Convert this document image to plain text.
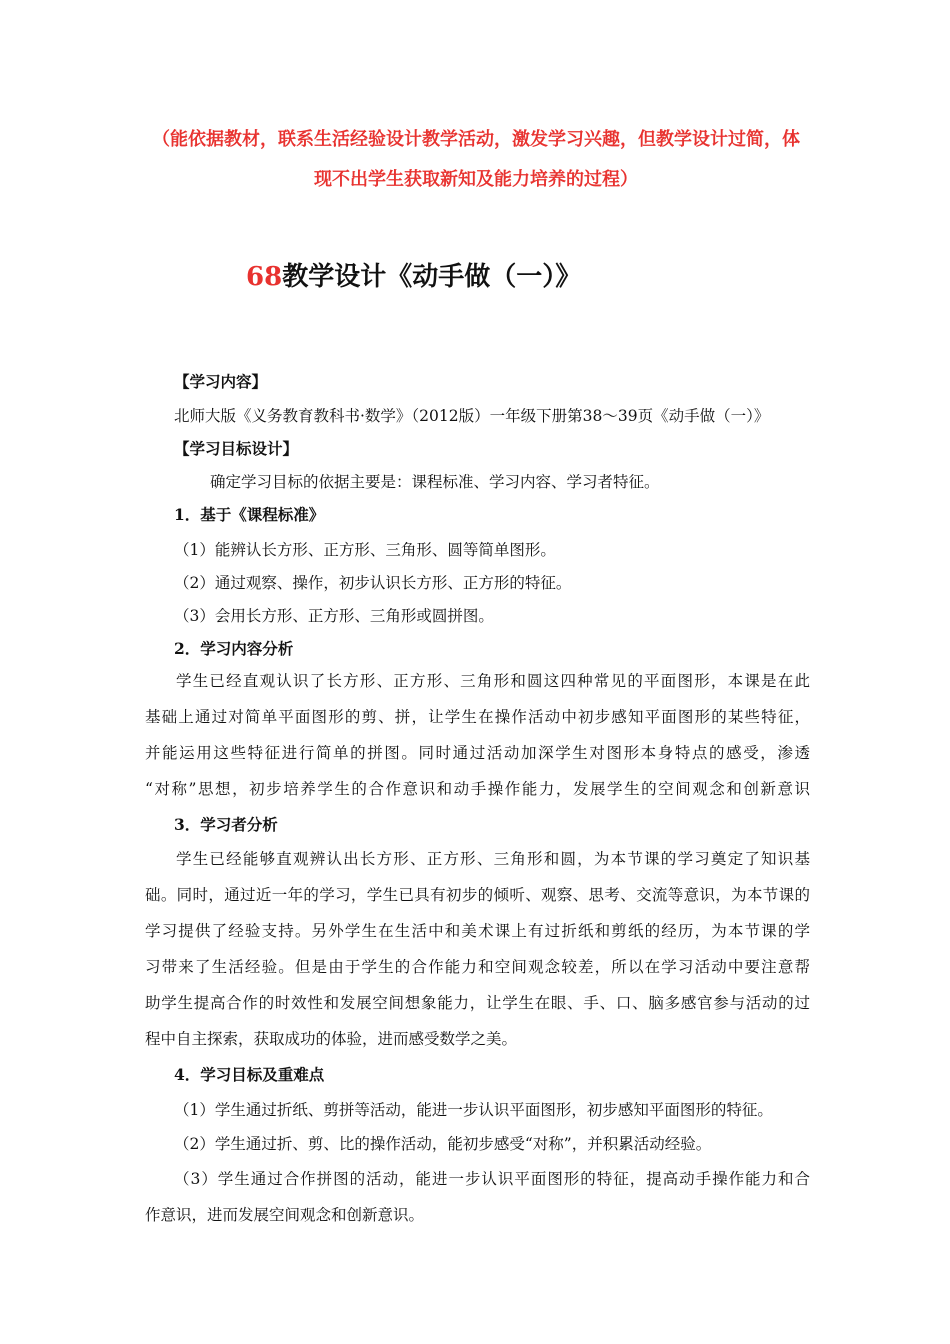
（能依据教材，联系生活经验设计教学活动，激发学习兴趣，但教学设计过简，体
现不出学生获取新知及能力培养的过程）
68教学设计《动手做（一）》
【学习内容】
北师大版《义务教育教科书·数学》（2012版）一年级下册第38～39页《动手做（一）》
【学习目标设计】
确定学习目标的依据主要是：课程标准、学习内容、学习者特征。
1．基于《课程标准》
（1）能辨认长方形、正方形、三角形、圆等简单图形。
（2）通过观察、操作，初步认识长方形、正方形的特征。
（3）会用长方形、正方形、三角形或圆拼图。
2．学习内容分析
学生已经直观认识了长方形、正方形、三角形和圆这四种常见的平面图形，本课是在此
基础上通过对简单平面图形的剪、拼，让学生在操作活动中初步感知平面图形的某些特征，
并能运用这些特征进行简单的拼图。同时通过活动加深学生对图形本身特点的感受，渗透
“对称”思想，初步培养学生的合作意识和动手操作能力，发展学生的空间观念和创新意识
3．学习者分析
学生已经能够直观辨认出长方形、正方形、三角形和圆，为本节课的学习奠定了知识基
础。同时，通过近一年的学习，学生已具有初步的倾听、观察、思考、交流等意识，为本节课的
学习提供了经验支持。另外学生在生活中和美术课上有过折纸和剪纸的经历，为本节课的学
习带来了生活经验。但是由于学生的合作能力和空间观念较差，所以在学习活动中要注意帮
助学生提高合作的时效性和发展空间想象能力，让学生在眼、手、口、脑多感官参与活动的过
程中自主探索，获取成功的体验，进而感受数学之美。
4．学习目标及重难点
（1）学生通过折纸、剪拼等活动，能进一步认识平面图形，初步感知平面图形的特征。
（2）学生通过折、剪、比的操作活动，能初步感受“对称”，并积累活动经验。
（3）学生通过合作拼图的活动，能进一步认识平面图形的特征，提高动手操作能力和合
作意识，进而发展空间观念和创新意识。
